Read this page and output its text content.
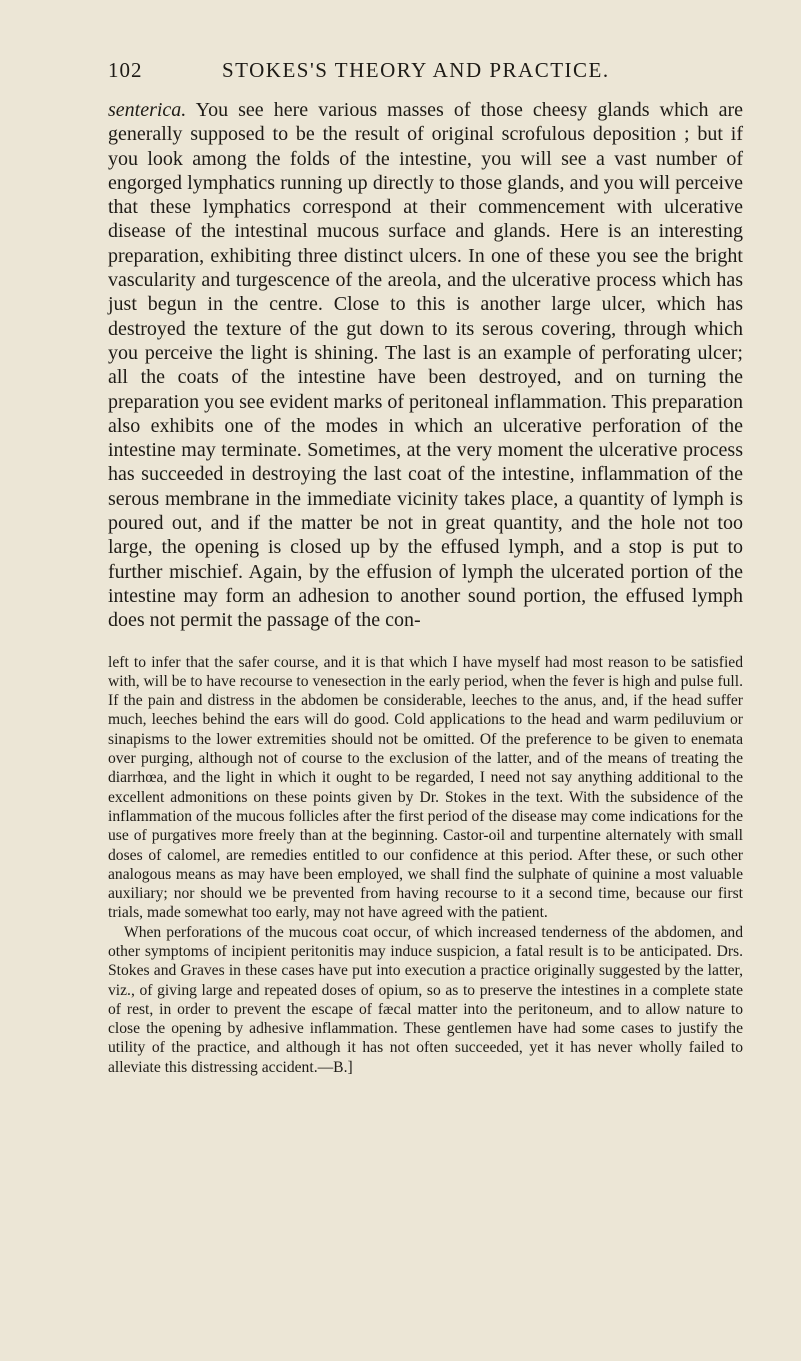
102	STOKES'S THEORY AND PRACTICE.

senterica. You see here various masses of those cheesy glands which are generally supposed to be the result of original scrofulous deposition ; but if you look among the folds of the intestine, you will see a vast number of engorged lymphatics running up directly to those glands, and you will perceive that these lymphatics correspond at their commencement with ulcerative disease of the intestinal mucous surface and glands. Here is an interesting preparation, exhibiting three distinct ulcers. In one of these you see the bright vascularity and turgescence of the areola, and the ulcerative process which has just begun in the centre. Close to this is another large ulcer, which has destroyed the texture of the gut down to its serous covering, through which you perceive the light is shining. The last is an example of perforating ulcer; all the coats of the intestine have been destroyed, and on turning the preparation you see evident marks of peritoneal inflammation. This preparation also exhibits one of the modes in which an ulcerative perforation of the intestine may terminate. Sometimes, at the very moment the ulcerative process has succeeded in destroying the last coat of the intestine, inflammation of the serous membrane in the immediate vicinity takes place, a quantity of lymph is poured out, and if the matter be not in great quantity, and the hole not too large, the opening is closed up by the effused lymph, and a stop is put to further mischief. Again, by the effusion of lymph the ulcerated portion of the intestine may form an adhesion to another sound portion, the effused lymph does not permit the passage of the con-

left to infer that the safer course, and it is that which I have myself had most reason to be satisfied with, will be to have recourse to venesection in the early period, when the fever is high and pulse full. If the pain and distress in the abdomen be considerable, leeches to the anus, and, if the head suffer much, leeches behind the ears will do good. Cold applications to the head and warm pediluvium or sinapisms to the lower extremities should not be omitted. Of the preference to be given to enemata over purging, although not of course to the exclusion of the latter, and of the means of treating the diarrhœa, and the light in which it ought to be regarded, I need not say anything additional to the excellent admonitions on these points given by Dr. Stokes in the text. With the subsidence of the inflammation of the mucous follicles after the first period of the disease may come indications for the use of purgatives more freely than at the beginning. Castor-oil and turpentine alternately with small doses of calomel, are remedies entitled to our confidence at this period. After these, or such other analogous means as may have been employed, we shall find the sulphate of quinine a most valuable auxiliary; nor should we be prevented from having recourse to it a second time, because our first trials, made somewhat too early, may not have agreed with the patient.

When perforations of the mucous coat occur, of which increased tenderness of the abdomen, and other symptoms of incipient peritonitis may induce suspicion, a fatal result is to be anticipated. Drs. Stokes and Graves in these cases have put into execution a practice originally suggested by the latter, viz., of giving large and repeated doses of opium, so as to preserve the intestines in a complete state of rest, in order to prevent the escape of fæcal matter into the peritoneum, and to allow nature to close the opening by adhesive inflammation. These gentlemen have had some cases to justify the utility of the practice, and although it has not often succeeded, yet it has never wholly failed to alleviate this distressing accident.—B.]
